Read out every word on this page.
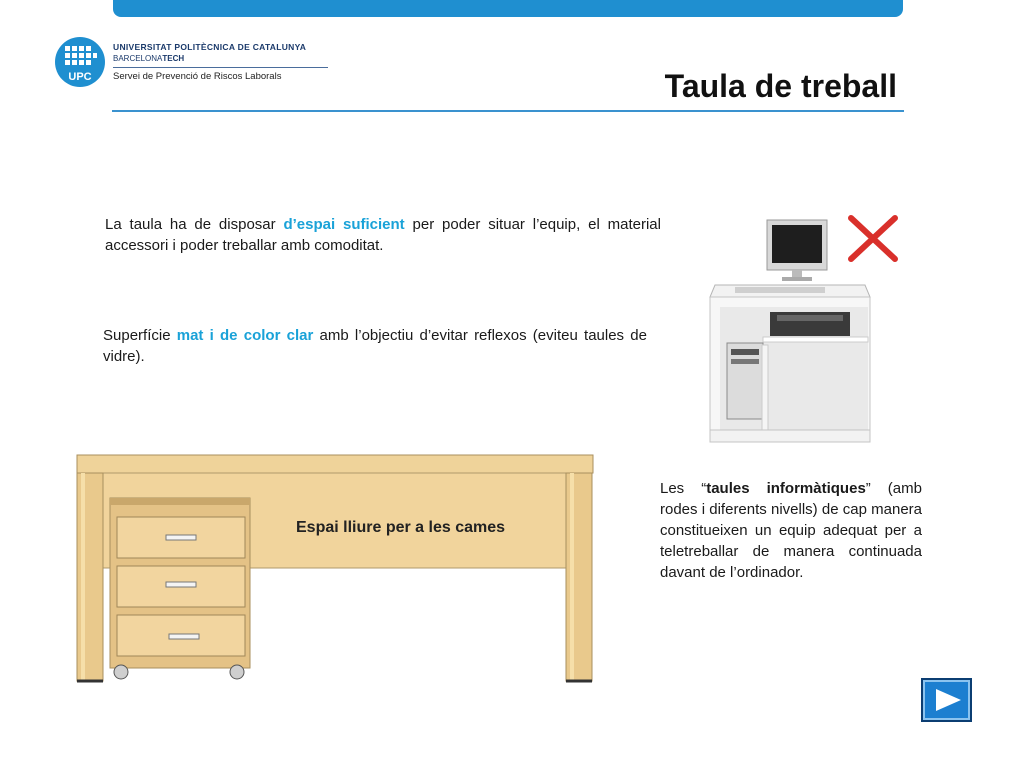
UPC
UNIVERSITAT POLITÈCNICA DE CATALUNYA
BARCELONATECH
Servei de Prevenció de Riscos Laborals	Taula de treball
La taula ha de disposar d’espai suficient per poder situar l’equip, el material accessori i poder treballar amb comoditat.
Superfície mat i de color clar amb l’objectiu d’evitar reflexos (eviteu taules de vidre).
Les “taules informàtiques” (amb rodes i diferents nivells) de cap manera constitueixen un equip adequat per a teletreballar de manera continuada davant de l’ordinador.
Espai lliure per a les cames
